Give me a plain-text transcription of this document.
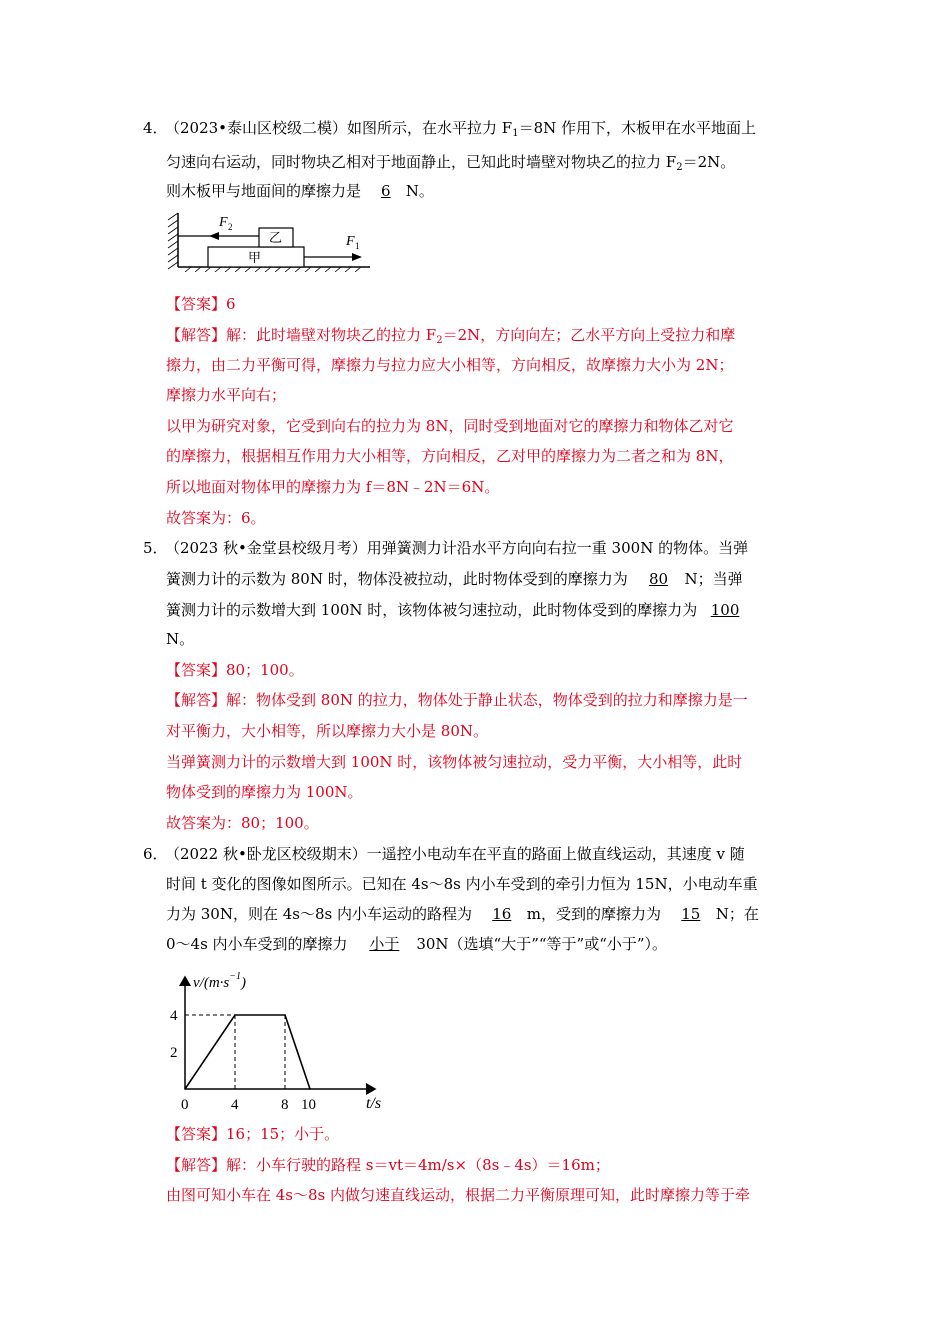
4．（2023•泰山区校级二模）如图所示，在水平拉力 $F_1=8N$ 作用下，木板甲在水平地面上
匀速向右运动，同时物块乙相对于地面静止，已知此时墙壁对物块乙的拉力 $F_2=2N$。
则木板甲与地面间的摩擦力是 6 N。
甲
乙
F 2
F 1
【答案】6
【解答】解：此时墙壁对物块乙的拉力 $F_2=2N$，方向向左；乙水平方向上受拉力和摩
擦力，由二力平衡可得，摩擦力与拉力应大小相等，方向相反，故摩擦力大小为 2N；
摩擦力水平向右；
以甲为研究对象，它受到向右的拉力为 8N，同时受到地面对它的摩擦力和物体乙对它
的摩擦力，根据相互作用力大小相等，方向相反，乙对甲的摩擦力为二者之和为 8N，
所以地面对物体甲的摩擦力为 f＝8N﹣2N＝6N。
故答案为：6。
5．（2023 秋•金堂县校级月考）用弹簧测力计沿水平方向向右拉一重 300N 的物体。当弹
簧测力计的示数为 80N 时，物体没被拉动，此时物体受到的摩擦力为 80 N；当弹
簧测力计的示数增大到 100N 时，该物体被匀速拉动，此时物体受到的摩擦力为 100
N。
【答案】80；100。
【解答】解：物体受到 80N 的拉力，物体处于静止状态，物体受到的拉力和摩擦力是一
对平衡力，大小相等，所以摩擦力大小是 80N。
当弹簧测力计的示数增大到 100N 时，该物体被匀速拉动，受力平衡，大小相等，此时
物体受到的摩擦力为 100N。
故答案为：80；100。
6．（2022 秋•卧龙区校级期末）一遥控小电动车在平直的路面上做直线运动，其速度 v 随
时间 t 变化的图像如图所示。已知在 4s～8s 内小车受到的牵引力恒为 15N，小电动车重
力为 30N，则在 4s～8s 内小车运动的路程为 16 m，受到的摩擦力为 15 N；在
0～4s 内小车受到的摩擦力 小于 30N（选填“大于”“等于”或“小于”）。
$v/(m\cdot s^{-1})$
t/s
0	4	8 10
2
4
【答案】16；15；小于。
【解答】解：小车行驶的路程 s＝vt＝4m/s×（8s﹣4s）＝16m；
由图可知小车在 4s～8s 内做匀速直线运动，根据二力平衡原理可知，此时摩擦力等于牵
